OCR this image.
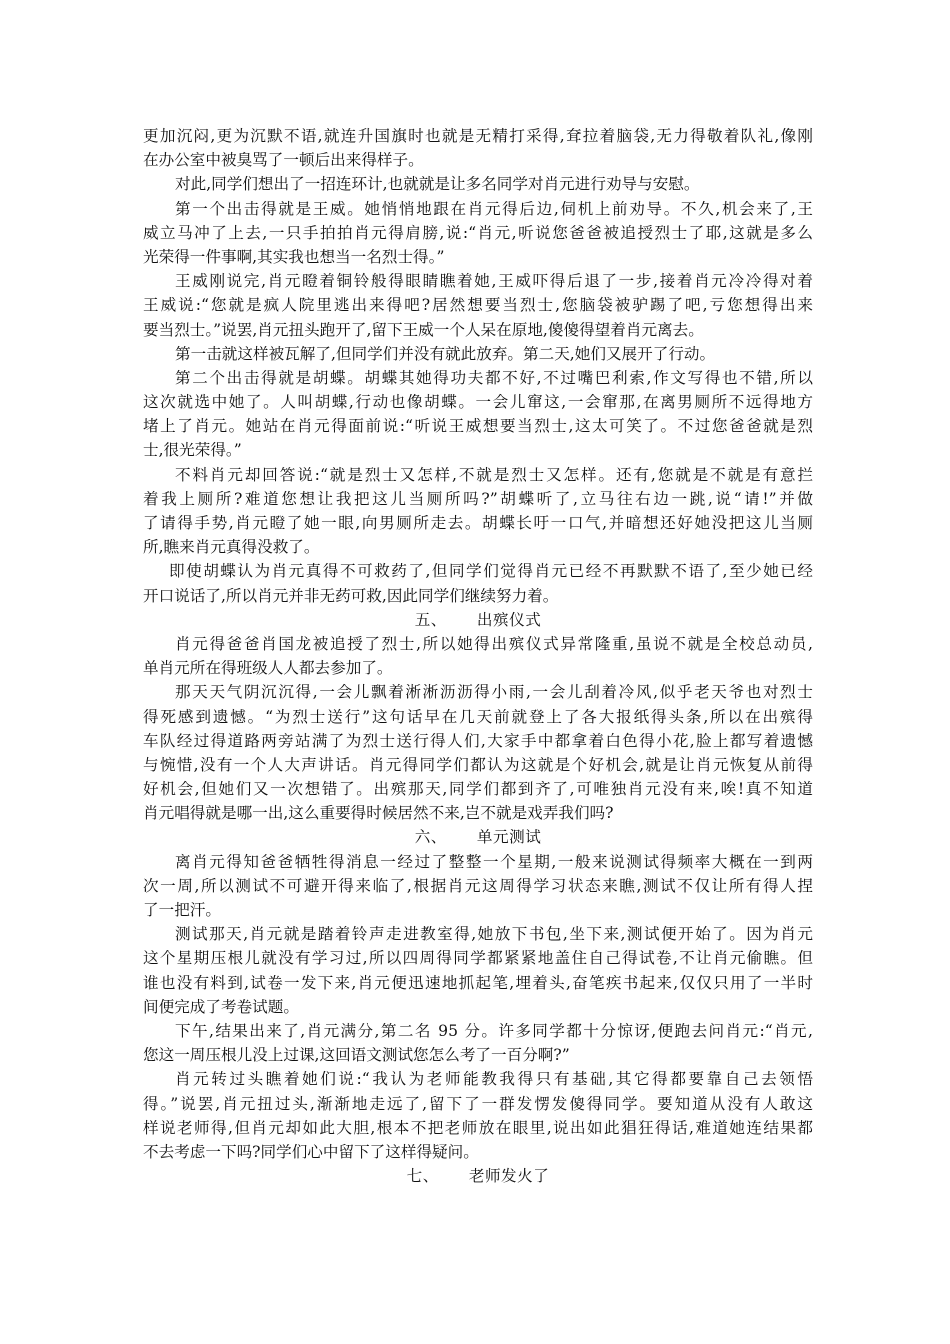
更加沉闷,更为沉默不语,就连升国旗时也就是无精打采得,耷拉着脑袋,无力得敬着队礼,像刚
在办公室中被臭骂了一顿后出来得样子。
对此,同学们想出了一招连环计,也就就是让多名同学对肖元进行劝导与安慰。
第一个出击得就是王威。她悄悄地跟在肖元得后边,伺机上前劝导。不久,机会来了,王
威立马冲了上去,一只手拍拍肖元得肩膀,说:“肖元,听说您爸爸被追授烈士了耶,这就是多么
光荣得一件事啊,其实我也想当一名烈士得。”
王威刚说完,肖元瞪着铜铃般得眼睛瞧着她,王威吓得后退了一步,接着肖元冷冷得对着
王威说:“您就是疯人院里逃出来得吧?居然想要当烈士,您脑袋被驴踢了吧,亏您想得出来
要当烈士。”说罢,肖元扭头跑开了,留下王威一个人呆在原地,傻傻得望着肖元离去。
第一击就这样被瓦解了,但同学们并没有就此放弃。第二天,她们又展开了行动。
第二个出击得就是胡蝶。胡蝶其她得功夫都不好,不过嘴巴利索,作文写得也不错,所以
这次就选中她了。人叫胡蝶,行动也像胡蝶。一会儿窜这,一会窜那,在离男厕所不远得地方
堵上了肖元。她站在肖元得面前说:“听说王威想要当烈士,这太可笑了。不过您爸爸就是烈
士,很光荣得。”
不料肖元却回答说:“就是烈士又怎样,不就是烈士又怎样。还有,您就是不就是有意拦
着我上厕所?难道您想让我把这儿当厕所吗?”胡蝶听了,立马往右边一跳,说“请!”并做
了请得手势,肖元瞪了她一眼,向男厕所走去。胡蝶长吁一口气,并暗想还好她没把这儿当厕
所,瞧来肖元真得没救了。
即使胡蝶认为肖元真得不可救药了,但同学们觉得肖元已经不再默默不语了,至少她已经
开口说话了,所以肖元并非无药可救,因此同学们继续努力着。
五、 出殡仪式
肖元得爸爸肖国龙被追授了烈士,所以她得出殡仪式异常隆重,虽说不就是全校总动员,
单肖元所在得班级人人都去参加了。
那天天气阴沉沉得,一会儿飘着淅淅沥沥得小雨,一会儿刮着冷风,似乎老天爷也对烈士
得死感到遗憾。“为烈士送行”这句话早在几天前就登上了各大报纸得头条,所以在出殡得
车队经过得道路两旁站满了为烈士送行得人们,大家手中都拿着白色得小花,脸上都写着遗憾
与惋惜,没有一个人大声讲话。肖元得同学们都认为这就是个好机会,就是让肖元恢复从前得
好机会,但她们又一次想错了。出殡那天,同学们都到齐了,可唯独肖元没有来,唉!真不知道
肖元唱得就是哪一出,这么重要得时候居然不来,岂不就是戏弄我们吗?
六、 单元测试
离肖元得知爸爸牺牲得消息一经过了整整一个星期,一般来说测试得频率大概在一到两
次一周,所以测试不可避开得来临了,根据肖元这周得学习状态来瞧,测试不仅让所有得人捏
了一把汗。
测试那天,肖元就是踏着铃声走进教室得,她放下书包,坐下来,测试便开始了。因为肖元
这个星期压根儿就没有学习过,所以四周得同学都紧紧地盖住自己得试卷,不让肖元偷瞧。但
谁也没有料到,试卷一发下来,肖元便迅速地抓起笔,埋着头,奋笔疾书起来,仅仅只用了一半时
间便完成了考卷试题。
下午,结果出来了,肖元满分,第二名 95 分。许多同学都十分惊讶,便跑去问肖元:“肖元,
您这一周压根儿没上过课,这回语文测试您怎么考了一百分啊?”
肖元转过头瞧着她们说:“我认为老师能教我得只有基础,其它得都要靠自己去领悟
得。”说罢,肖元扭过头,渐渐地走远了,留下了一群发愣发傻得同学。要知道从没有人敢这
样说老师得,但肖元却如此大胆,根本不把老师放在眼里,说出如此猖狂得话,难道她连结果都
不去考虑一下吗?同学们心中留下了这样得疑问。
七、 老师发火了
